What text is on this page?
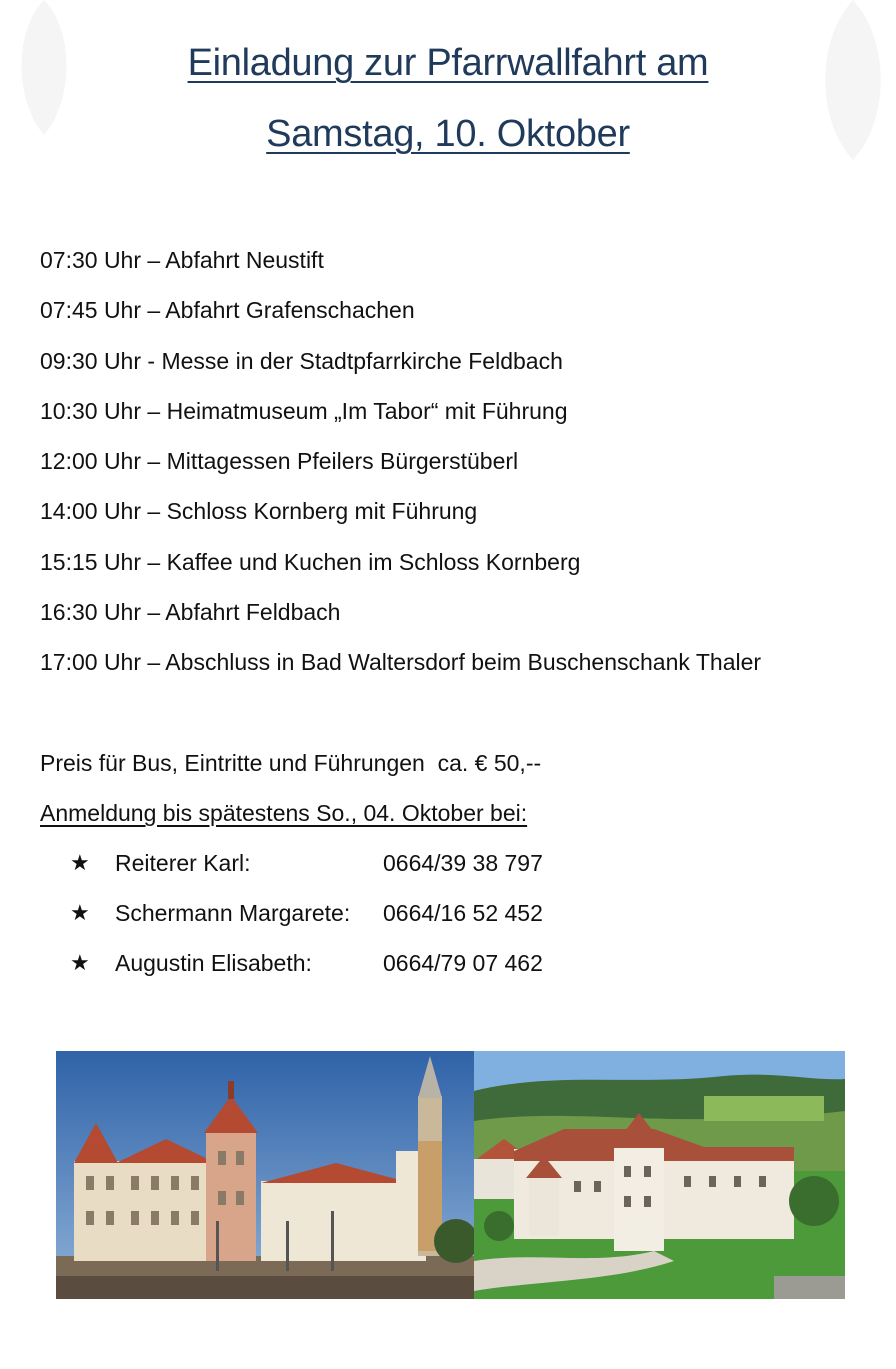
Einladung zur Pfarrwallfahrt am
Samstag, 10. Oktober
07:30 Uhr – Abfahrt Neustift
07:45 Uhr – Abfahrt Grafenschachen
09:30 Uhr - Messe in der Stadtpfarrkirche Feldbach
10:30 Uhr – Heimatmuseum „Im Tabor“ mit Führung
12:00 Uhr – Mittagessen Pfeilers Bürgerstüberl
14:00 Uhr – Schloss Kornberg mit Führung
15:15 Uhr – Kaffee und Kuchen im Schloss Kornberg
16:30 Uhr – Abfahrt Feldbach
17:00 Uhr – Abschluss in Bad Waltersdorf beim Buschenschank Thaler
Preis für Bus, Eintritte und Führungen  ca. € 50,--
Anmeldung bis spätestens So., 04. Oktober bei:
★ Reiterer Karl:	0664/39 38 797
★ Schermann Margarete: 0664/16 52 452
★ Augustin Elisabeth:	0664/79 07 462
